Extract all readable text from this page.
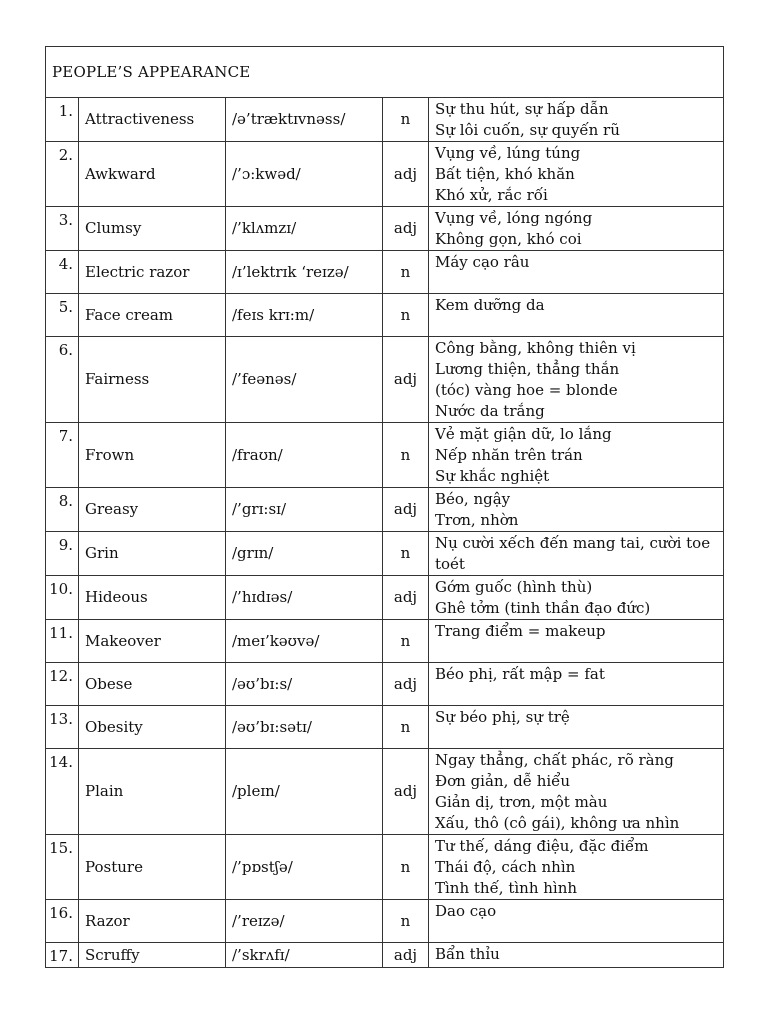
PEOPLE’S APPEARANCE				
1.	Attractiveness	/ə’træktɪvnəss/	n	Sự thu hút, sự hấp dẫn
Sự lôi cuốn, sự quyến rũ

2.	Awkward	/’ɔ:kwəd/	adj	Vụng về, lúng túng
Bất tiện, khó khăn
Khó xử, rắc rối

3.	Clumsy	/’klʌmzɪ/	adj	Vụng về, lóng ngóng
Không gọn, khó coi

4.	Electric razor	/ɪ’lektrɪk ‘reɪzə/	n	Máy cạo râu

5.	Face cream	/feɪs krɪ:m/	n	Kem dưỡng da

6.	Fairness	/’feənəs/	adj	Công bằng, không thiên vị
Lương thiện, thẳng thắn
(tóc) vàng hoe = blonde
Nước da trắng

7.	Frown	/fraʊn/	n	Vẻ mặt giận dữ, lo lắng
Nếp nhăn trên trán
Sự khắc nghiệt

8.	Greasy	/’grɪ:sɪ/	adj	Béo, ngậy
Trơn, nhờn

9.	Grin	/grɪn/	n	Nụ cười xếch đến mang tai, cười toe
toét

10.	Hideous	/’hɪdɪəs/	adj	Gớm guốc (hình thù)
Ghê tởm (tinh thần đạo đức)

11.	Makeover	/meɪ’kəʊvə/	n	Trang điểm = makeup

12.	Obese	/əʊ’bɪ:s/	adj	Béo phị, rất mập = fat

13.	Obesity	/əʊ’bɪ:sətɪ/	n	Sự béo phị, sự trệ

14.	Plain	/pleɪn/	adj	Ngay thẳng, chất phác, rõ ràng
Đơn giản, dễ hiểu
Giản dị, trơn, một màu
Xấu, thô (cô gái), không ưa nhìn

15.	Posture	/’pɒstʃə/	n	Tư thế, dáng điệu, đặc điểm
Thái độ, cách nhìn
Tình thế, tình hình

16.	Razor	/’reɪzə/	n	Dao cạo

17.	Scruffy	/’skrʌfɪ/	adj	Bẩn thỉu
